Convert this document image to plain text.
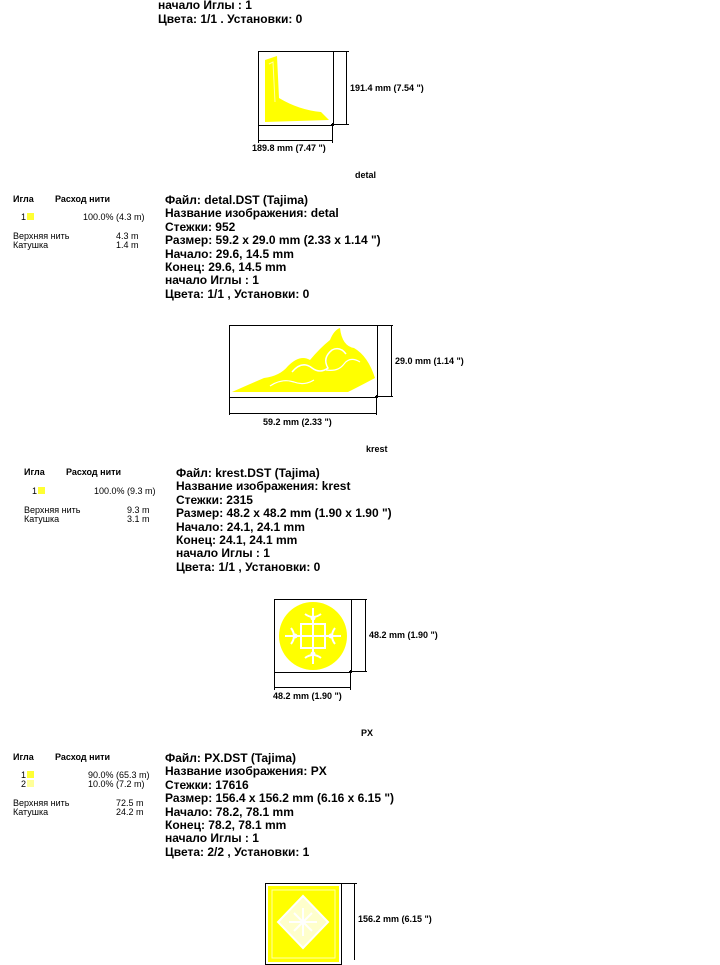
начало Иглы : 1
Цвета: 1/1 . Установки: 0
191.4 mm (7.54 ")
189.8 mm (7.47 ")
detal
Игла Расход нити
1	100.0% (4.3 m)
Верхняя нить	4.3 m
Катушка	1.4 m
Файл: detal.DST (Tajima)
Название изображения: detal
Стежки: 952
Размер: 59.2 x 29.0 mm (2.33 x 1.14 ")
Начало: 29.6, 14.5 mm
Конец: 29.6, 14.5 mm
начало Иглы : 1
Цвета: 1/1 , Установки: 0
29.0 mm (1.14 ")
59.2 mm (2.33 ")
krest
Игла Расход нити
1	100.0% (9.3 m)
Верхняя нить	9.3 m
Катушка	3.1 m
Файл: krest.DST (Tajima)
Название изображения: krest
Стежки: 2315
Размер: 48.2 x 48.2 mm (1.90 x 1.90 ")
Начало: 24.1, 24.1 mm
Конец: 24.1, 24.1 mm
начало Иглы : 1
Цвета: 1/1 , Установки: 0
48.2 mm (1.90 ")
48.2 mm (1.90 ")
PX
Игла Расход нити
1	90.0% (65.3 m)
2	10.0% (7.2 m)
Верхняя нить	72.5 m
Катушка	24.2 m
Файл: PX.DST (Tajima)
Название изображения: PX
Стежки: 17616
Размер: 156.4 x 156.2 mm (6.16 x 6.15 ")
Начало: 78.2, 78.1 mm
Конец: 78.2, 78.1 mm
начало Иглы : 1
Цвета: 2/2 , Установки: 1
156.2 mm (6.15 ")
